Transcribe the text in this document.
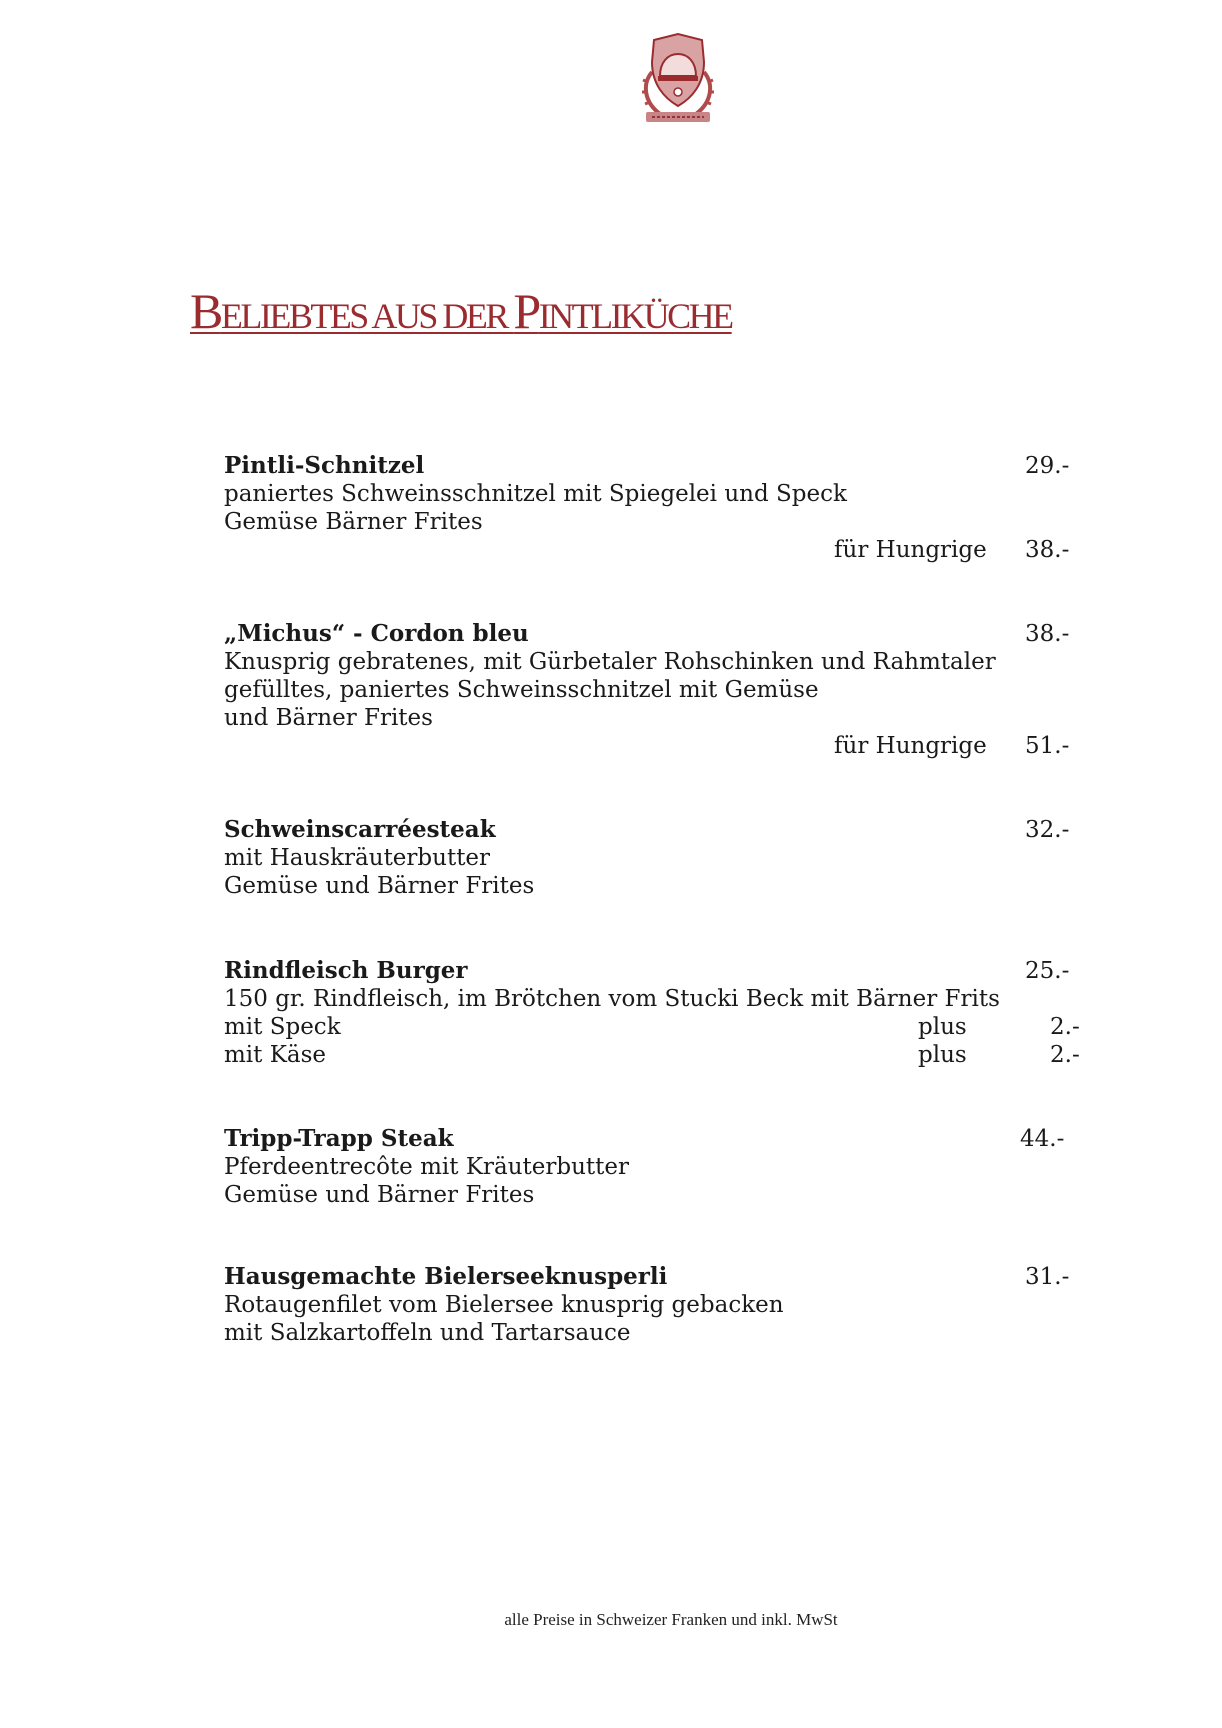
BELIEBTES AUS DER PINTLIKÜCHE
Pintli-Schnitzel	29.-
paniertes Schweinsschnitzel mit Spiegelei und Speck
Gemüse Bärner Frites
für Hungrige 38.-
„Michus“ - Cordon bleu	38.-
Knusprig gebratenes, mit Gürbetaler Rohschinken und Rahmtaler
gefülltes, paniertes Schweinsschnitzel mit Gemüse
und Bärner Frites
für Hungrige 51.-
Schweinscarréesteak	32.-
mit Hauskräuterbutter
Gemüse und Bärner Frites
Rindfleisch Burger	25.-
150 gr. Rindfleisch, im Brötchen vom Stucki Beck mit Bärner Frits
mit Speck	plus	2.-
mit Käse	plus	2.-
Tripp-Trapp Steak	44.-
Pferdeentrecôte mit Kräuterbutter
Gemüse und Bärner Frites
Hausgemachte Bielerseeknusperli	31.-
Rotaugenfilet vom Bielersee knusprig gebacken
mit Salzkartoffeln und Tartarsauce
alle Preise in Schweizer Franken und inkl. MwSt
